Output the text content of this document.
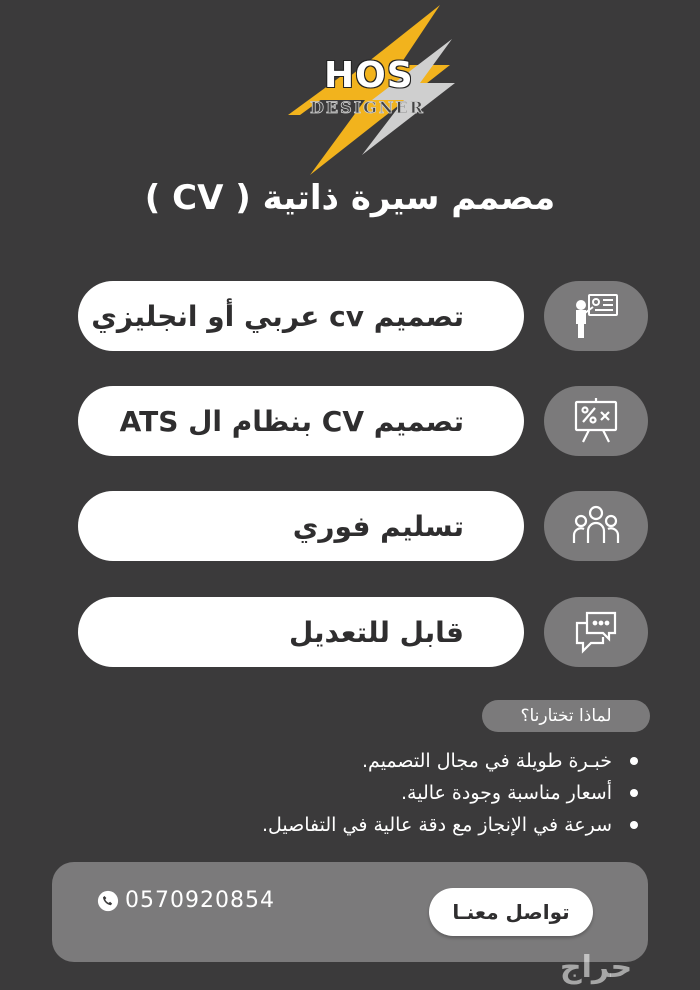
HOS
DESIGNER
مصمم سيرة ذاتية ( CV )
تصميم cv عربي أو انجليزي
تصميم CV بنظام ال ATS
تسليم فوري
قابل للتعديل
لماذا تختارنا؟
خبـرة طويلة في مجال التصميم.
أسعار مناسبة وجودة عالية.
سرعة في الإنجاز مع دقة عالية في التفاصيل.
0570920854	تواصل معنـا
حراج
